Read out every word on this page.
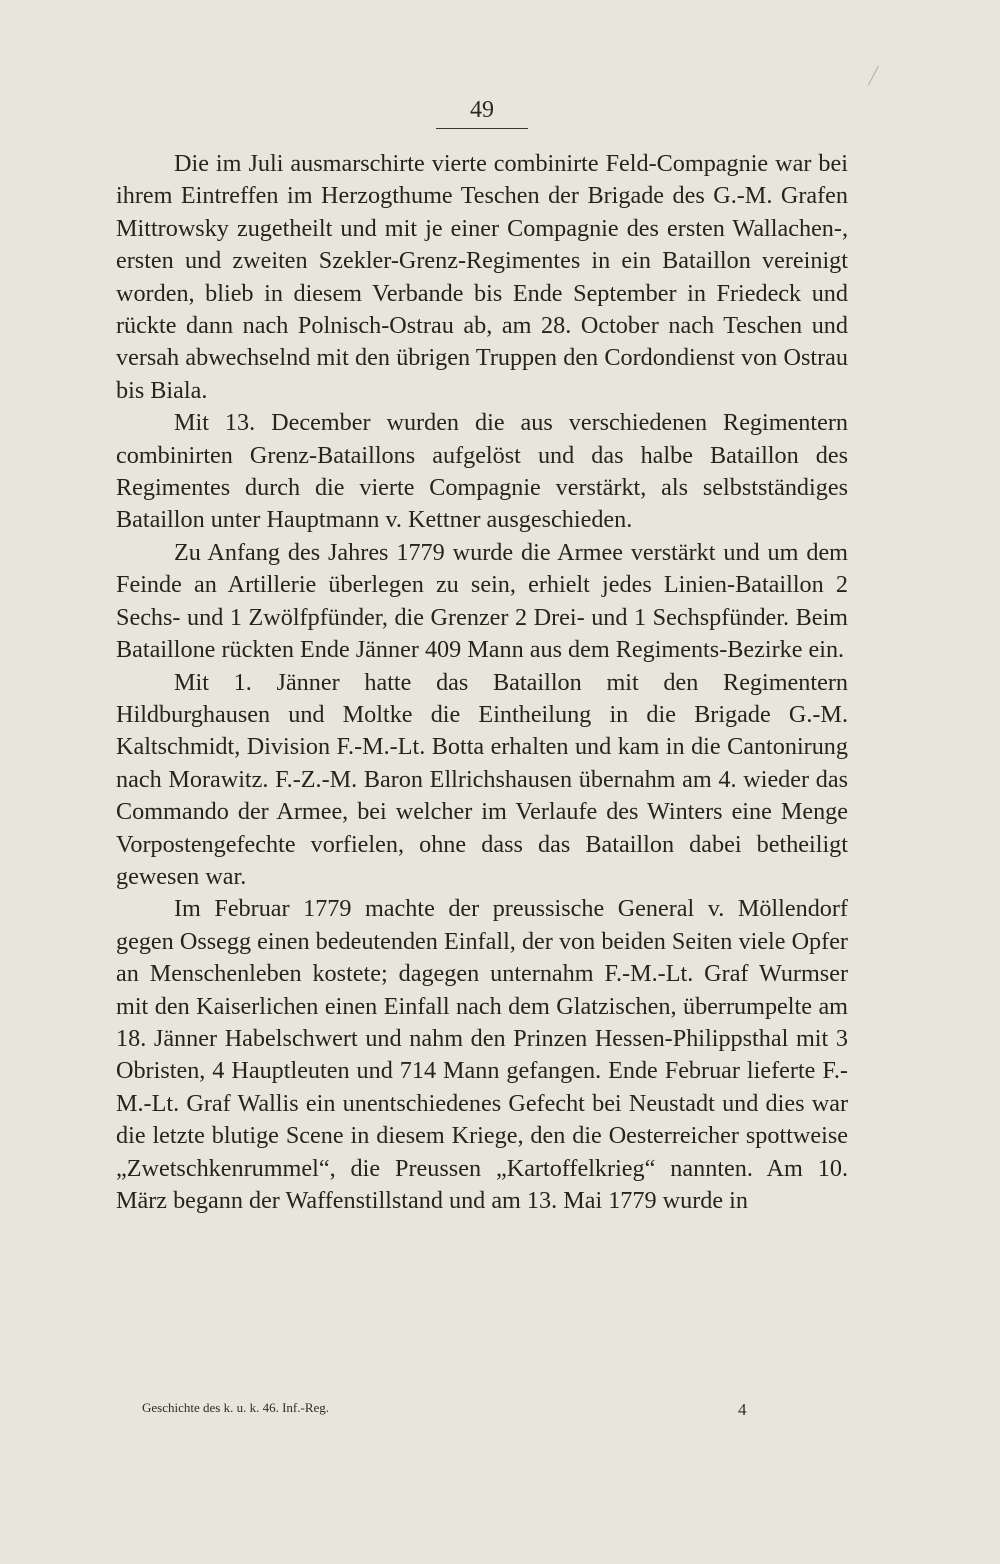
49

Die im Juli ausmarschirte vierte combinirte Feld-Compagnie war bei ihrem Eintreffen im Herzogthume Teschen der Brigade des G.-M. Grafen Mittrowsky zugetheilt und mit je einer Compagnie des ersten Wallachen-, ersten und zweiten Szekler-Grenz-Regimentes in ein Bataillon vereinigt worden, blieb in diesem Verbande bis Ende September in Friedeck und rückte dann nach Polnisch-Ostrau ab, am 28. October nach Teschen und versah abwechselnd mit den übrigen Truppen den Cordondienst von Ostrau bis Biala.

Mit 13. December wurden die aus verschiedenen Regimentern combinirten Grenz-Bataillons aufgelöst und das halbe Bataillon des Regimentes durch die vierte Compagnie verstärkt, als selbstständiges Bataillon unter Hauptmann v. Kettner ausgeschieden.

Zu Anfang des Jahres 1779 wurde die Armee verstärkt und um dem Feinde an Artillerie überlegen zu sein, erhielt jedes Linien-Bataillon 2 Sechs- und 1 Zwölfpfünder, die Grenzer 2 Drei- und 1 Sechspfünder. Beim Bataillone rückten Ende Jänner 409 Mann aus dem Regiments-Bezirke ein.

Mit 1. Jänner hatte das Bataillon mit den Regimentern Hildburghausen und Moltke die Eintheilung in die Brigade G.-M. Kaltschmidt, Division F.-M.-Lt. Botta erhalten und kam in die Cantonirung nach Morawitz. F.-Z.-M. Baron Ellrichshausen übernahm am 4. wieder das Commando der Armee, bei welcher im Verlaufe des Winters eine Menge Vorpostengefechte vorfielen, ohne dass das Bataillon dabei betheiligt gewesen war.

Im Februar 1779 machte der preussische General v. Möllendorf gegen Ossegg einen bedeutenden Einfall, der von beiden Seiten viele Opfer an Menschenleben kostete; dagegen unternahm F.-M.-Lt. Graf Wurmser mit den Kaiserlichen einen Einfall nach dem Glatzischen, überrumpelte am 18. Jänner Habelschwert und nahm den Prinzen Hessen-Philippsthal mit 3 Obristen, 4 Hauptleuten und 714 Mann gefangen. Ende Februar lieferte F.-M.-Lt. Graf Wallis ein unentschiedenes Gefecht bei Neustadt und dies war die letzte blutige Scene in diesem Kriege, den die Oesterreicher spottweise „Zwetschkenrummel“, die Preussen „Kartoffelkrieg“ nannten. Am 10. März begann der Waffenstillstand und am 13. Mai 1779 wurde in

Geschichte des k. u. k. 46. Inf.-Reg.	4
